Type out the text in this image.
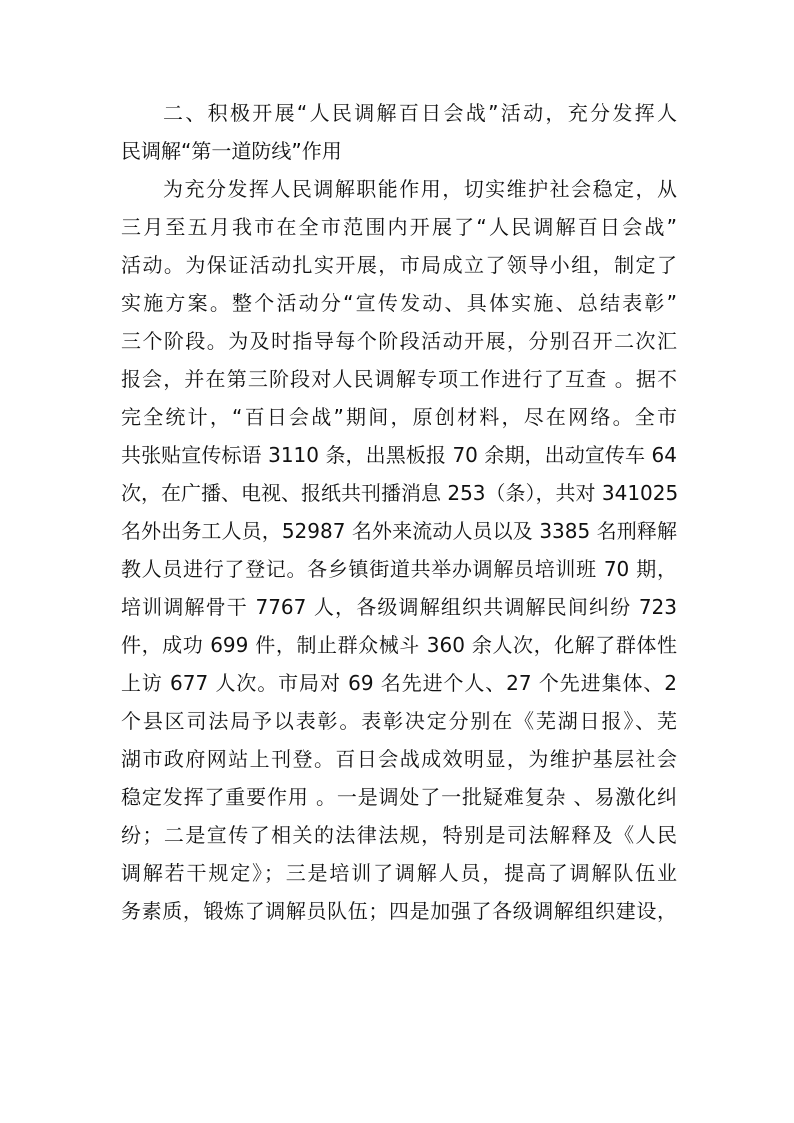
二、积极开展“人民调解百日会战”活动，充分发挥人
民调解“第一道防线”作用
为充分发挥人民调解职能作用，切实维护社会稳定，从
三月至五月我市在全市范围内开展了“人民调解百日会战”
活动。为保证活动扎实开展，市局成立了领导小组，制定了
实施方案。整个活动分“宣传发动、具体实施、总结表彰”
三个阶段。为及时指导每个阶段活动开展，分别召开二次汇
报会，并在第三阶段对人民调解专项工作进行了互查 。据不
完全统计，“百日会战”期间，原创材料，尽在网络。全市
共张贴宣传标语 3110 条，出黑板报 70 余期，出动宣传车 64
次，在广播、电视、报纸共刊播消息 253（条），共对 341025
名外出务工人员，52987 名外来流动人员以及 3385 名刑释解
教人员进行了登记。各乡镇街道共举办调解员培训班 70 期，
培训调解骨干 7767 人，各级调解组织共调解民间纠纷 723
件，成功 699 件，制止群众械斗 360 余人次，化解了群体性
上访 677 人次。市局对 69 名先进个人、27 个先进集体、2
个县区司法局予以表彰。表彰决定分别在《芜湖日报》、芜
湖市政府网站上刊登。百日会战成效明显，为维护基层社会
稳定发挥了重要作用 。一是调处了一批疑难复杂 、易激化纠
纷；二是宣传了相关的法律法规，特别是司法解释及《人民
调解若干规定》；三是培训了调解人员，提高了调解队伍业
务素质，锻炼了调解员队伍；四是加强了各级调解组织建设，
